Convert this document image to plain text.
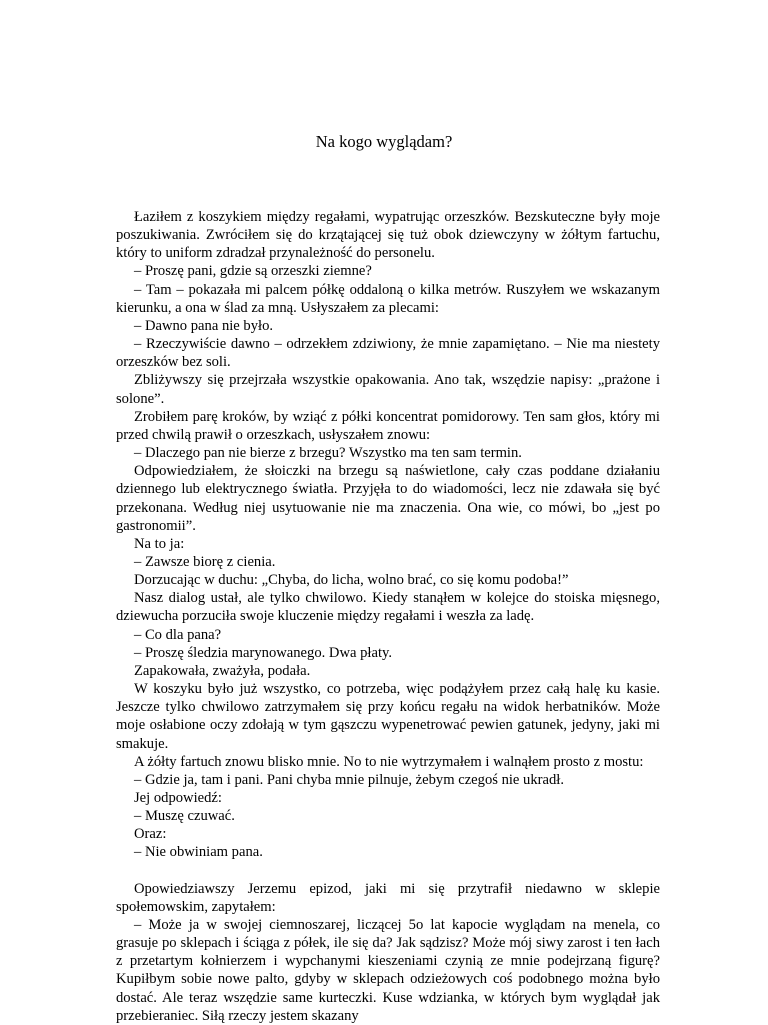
Na kogo wyglądam?

Łaziłem z koszykiem między regałami, wypatrując orzeszków. Bezskuteczne były moje poszukiwania. Zwróciłem się do krzątającej się tuż obok dziewczyny w żółtym fartuchu, który to uniform zdradzał przynależność do personelu.

– Proszę pani, gdzie są orzeszki ziemne?

– Tam – pokazała mi palcem półkę oddaloną o kilka metrów. Ruszyłem we wskazanym kierunku, a ona w ślad za mną. Usłyszałem za plecami:

– Dawno pana nie było.

– Rzeczywiście dawno – odrzekłem zdziwiony, że mnie zapamiętano. – Nie ma niestety orzeszków bez soli.

Zbliżywszy się przejrzała wszystkie opakowania. Ano tak, wszędzie napisy: „prażone i solone”.

Zrobiłem parę kroków, by wziąć z półki koncentrat pomidorowy. Ten sam głos, który mi przed chwilą prawił o orzeszkach, usłyszałem znowu:

– Dlaczego pan nie bierze z brzegu? Wszystko ma ten sam termin.

Odpowiedziałem, że słoiczki na brzegu są naświetlone, cały czas poddane działaniu dziennego lub elektrycznego światła. Przyjęła to do wiadomości, lecz nie zdawała się być przekonana. Według niej usytuowanie nie ma znaczenia. Ona wie, co mówi, bo „jest po gastronomii”.

Na to ja:

– Zawsze biorę z cienia.

Dorzucając w duchu: „Chyba, do licha, wolno brać, co się komu podoba!”

Nasz dialog ustał, ale tylko chwilowo. Kiedy stanąłem w kolejce do stoiska mięsnego, dziewucha porzuciła swoje kluczenie między regałami i weszła za ladę.

– Co dla pana?

– Proszę śledzia marynowanego. Dwa płaty.

Zapakowała, zważyła, podała.

W koszyku było już wszystko, co potrzeba, więc podążyłem przez całą halę ku kasie. Jeszcze tylko chwilowo zatrzymałem się przy końcu regału na widok herbatników. Może moje osłabione oczy zdołają w tym gąszczu wypenetrować pewien gatunek, jedyny, jaki mi smakuje.

A żółty fartuch znowu blisko mnie. No to nie wytrzymałem i walnąłem prosto z mostu:

– Gdzie ja, tam i pani. Pani chyba mnie pilnuje, żebym czegoś nie ukradł.

Jej odpowiedź:

– Muszę czuwać.

Oraz:

– Nie obwiniam pana.

Opowiedziawszy Jerzemu epizod, jaki mi się przytrafił niedawno w sklepie społemowskim, zapytałem:

– Może ja w swojej ciemnoszarej, liczącej 5o lat kapocie wyglądam na menela, co grasuje po sklepach i ściąga z półek, ile się da? Jak sądzisz? Może mój siwy zarost i ten łach z przetartym kołnierzem i wypchanymi kieszeniami czynią ze mnie podejrzaną figurę? Kupiłbym sobie nowe palto, gdyby w sklepach odzieżowych coś podobnego można było dostać. Ale teraz wszędzie same kurteczki. Kuse wdzianka, w których bym wyglądał jak przebieraniec. Siłą rzeczy jestem skazany
